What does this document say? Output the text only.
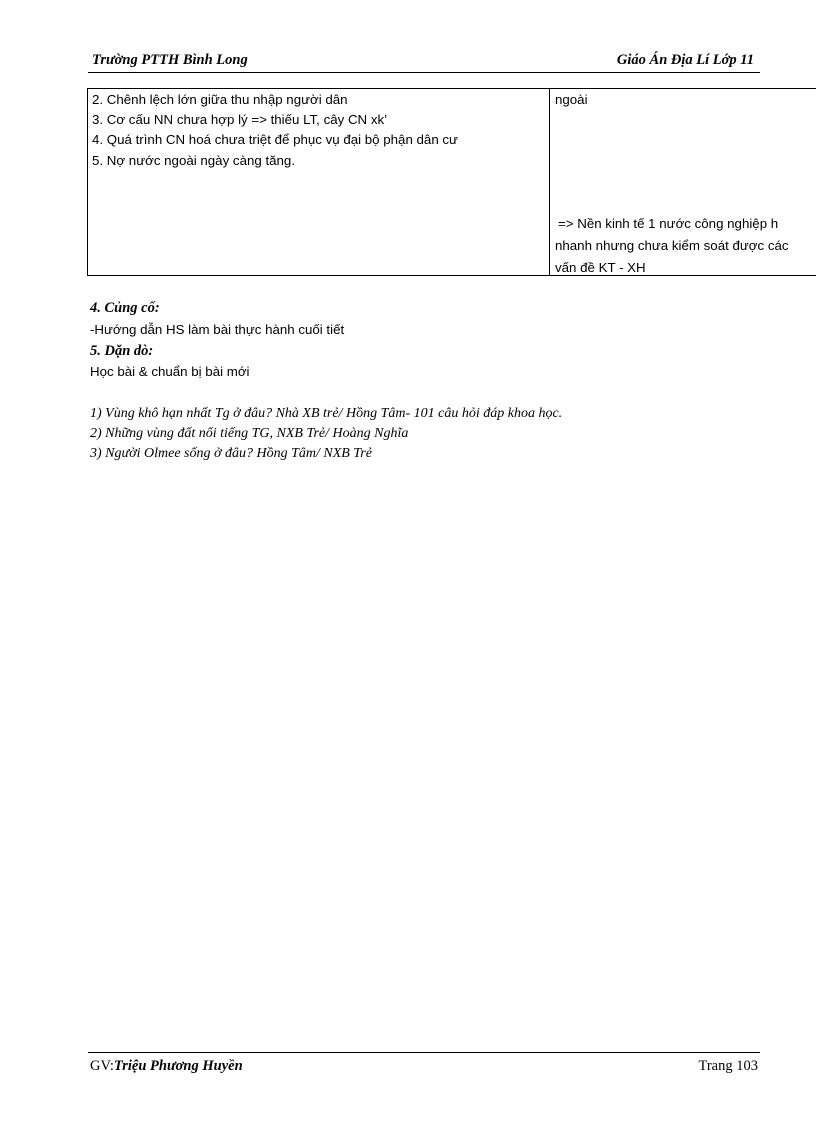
Trường PTTH Bình Long	Giáo Án Địa Lí Lớp 11
2. Chênh lệch lớn giữa thu nhập người dân
3. Cơ cấu NN chưa hợp lý => thiếu LT, cây CN xk’
4. Quá trình CN hoá chưa triệt để phục vụ đại bộ phận dân cư
5. Nợ nước ngoài ngày càng tăng.
ngoài
=> Nền kinh tế 1 nước công nghiệp h
nhanh nhưng chưa kiểm soát được các
vấn đề KT - XH
4. Củng cố:
-Hướng dẫn HS làm bài thực hành cuối tiết
5. Dặn dò:
Học bài & chuẩn bị bài mới
1) Vùng khô hạn nhất Tg ở đâu? Nhà XB trẻ/ Hồng Tâm- 101 câu hỏi đáp khoa học.
2) Những vùng đất nổi tiếng TG, NXB Trẻ/ Hoàng Nghĩa
3) Người Olmee sống ở đâu? Hồng Tâm/ NXB Trẻ
GV:Triệu Phương Huyền	Trang 103
